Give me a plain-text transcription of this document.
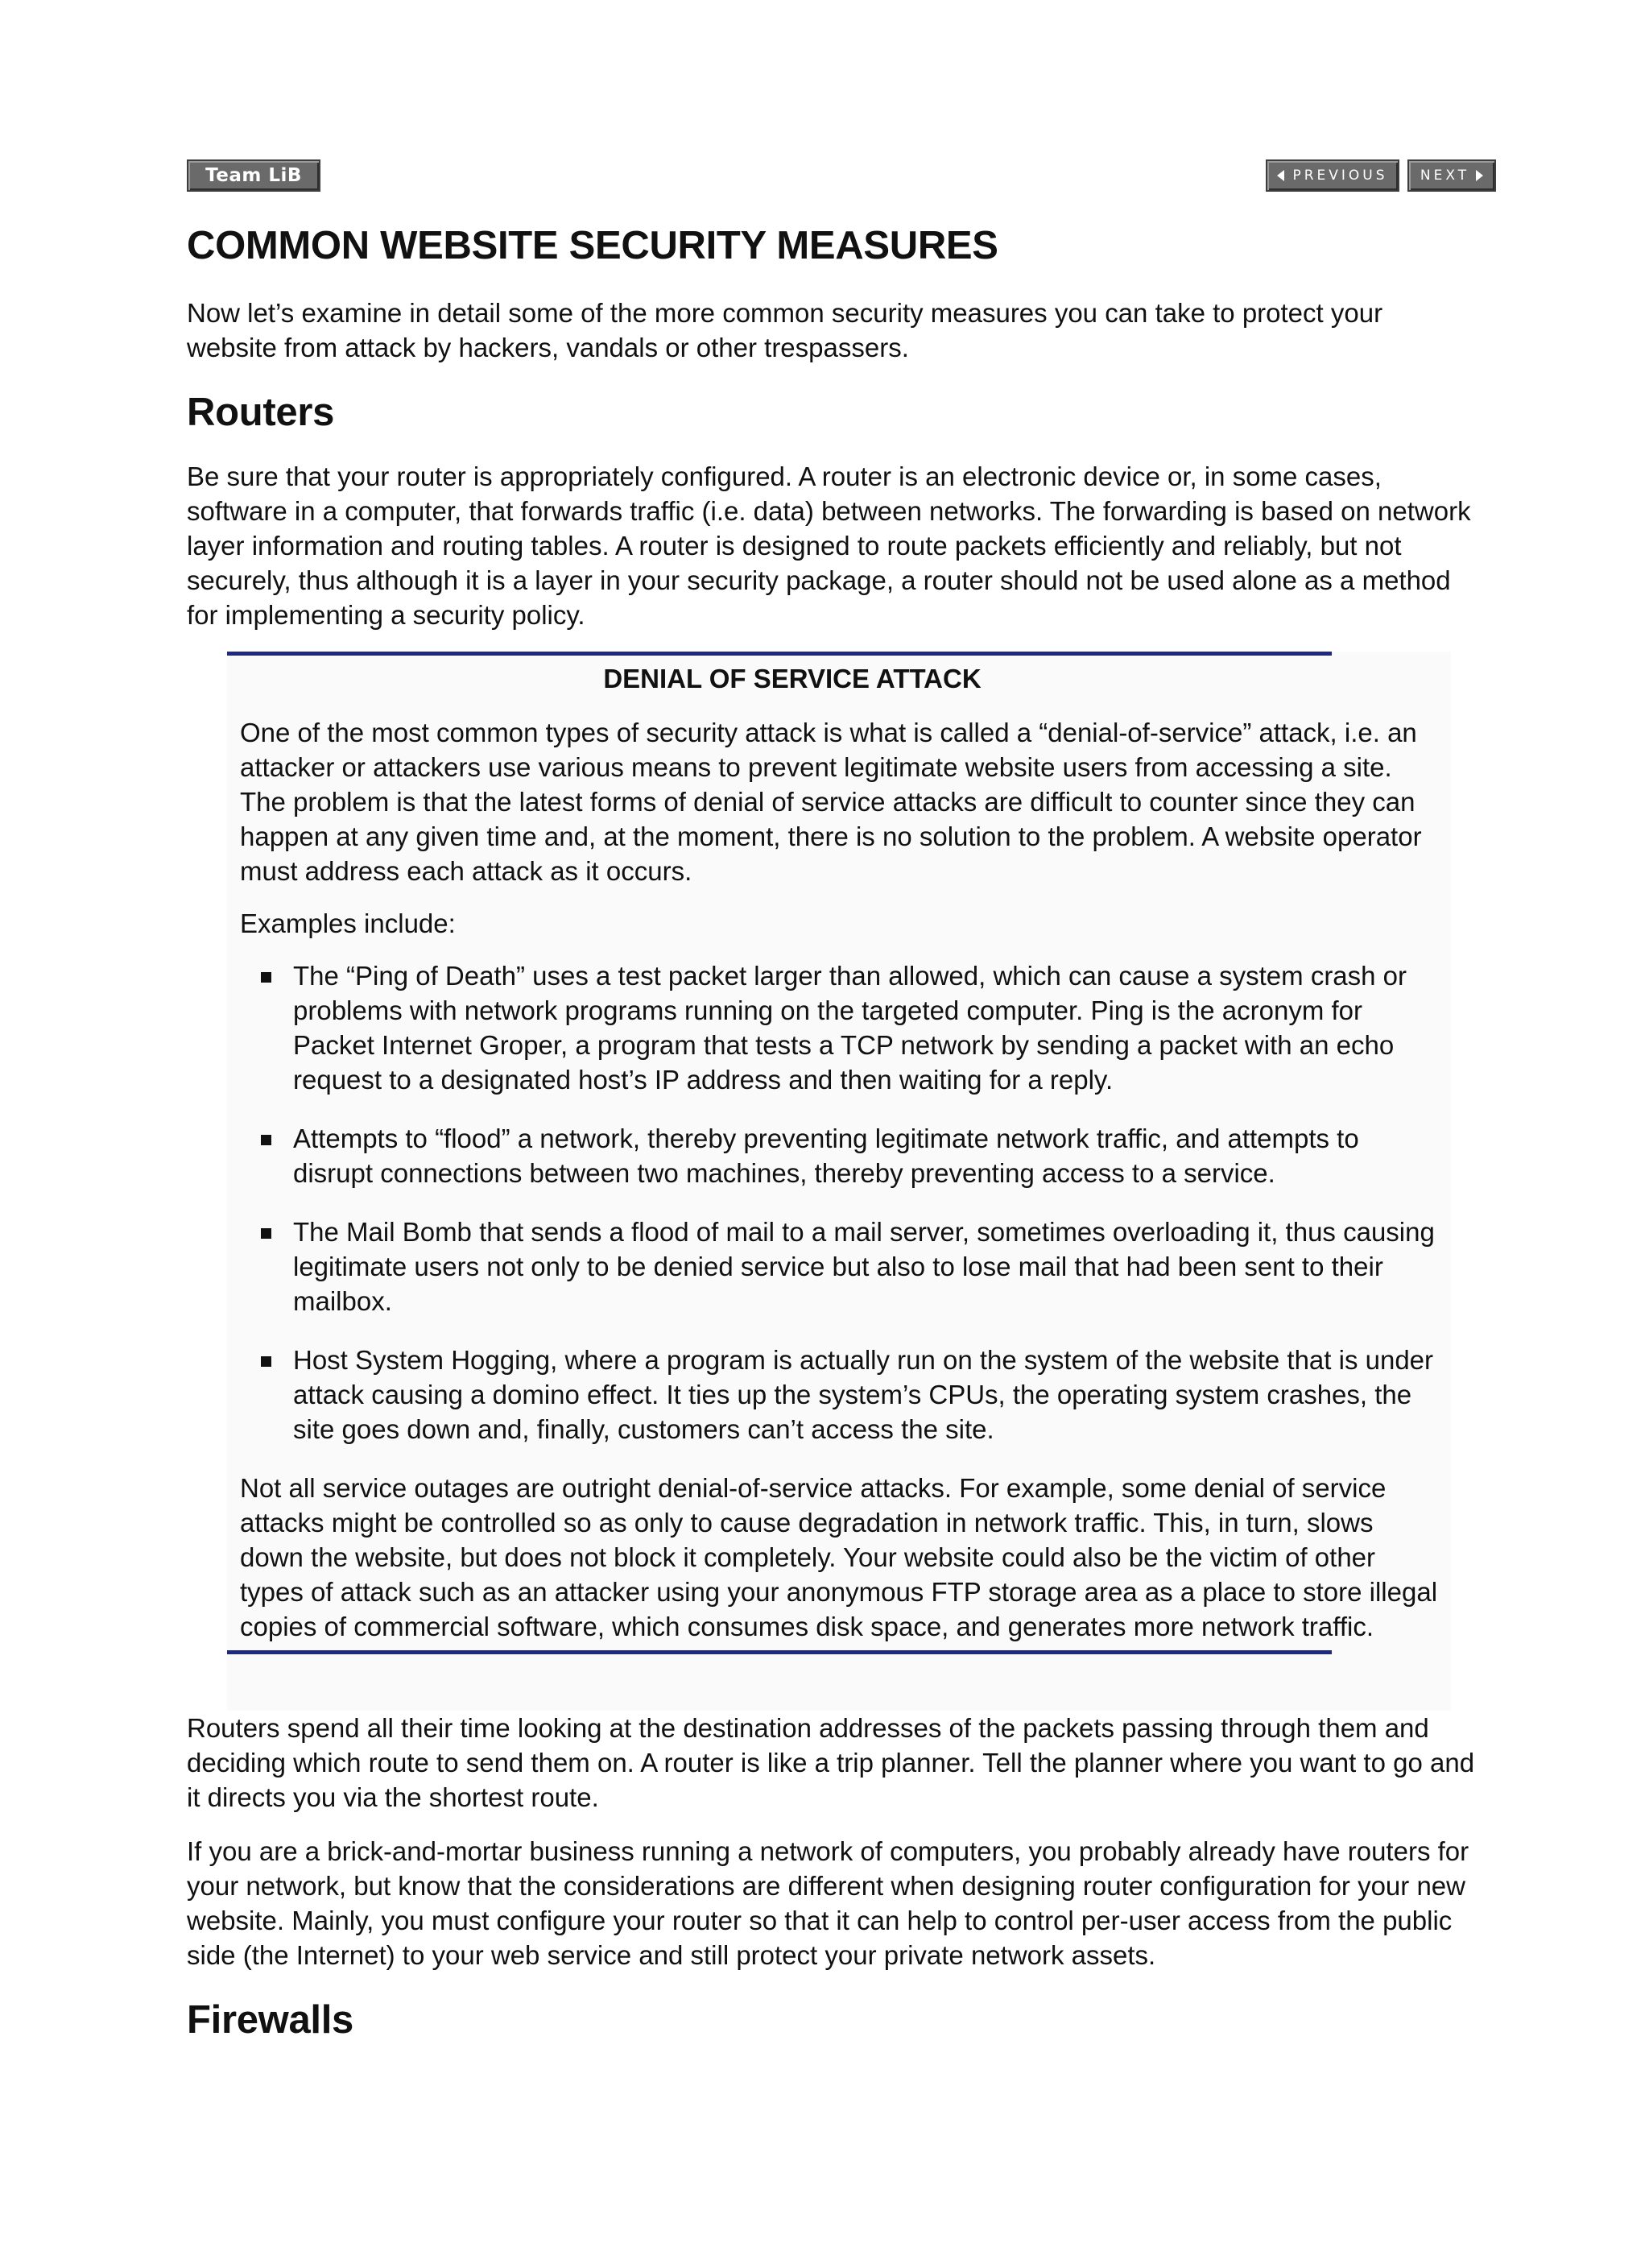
Team LiB	PREVIOUS NEXT
COMMON WEBSITE SECURITY MEASURES

Now let’s examine in detail some of the more common security measures you can take to protect your website from attack by hackers, vandals or other trespassers.

Routers

Be sure that your router is appropriately configured. A router is an electronic device or, in some cases, software in a computer, that forwards traffic (i.e. data) between networks. The forwarding is based on network layer information and routing tables. A router is designed to route packets efficiently and reliably, but not securely, thus although it is a layer in your security package, a router should not be used alone as a method for implementing a security policy.

DENIAL OF SERVICE ATTACK

One of the most common types of security attack is what is called a “denial-of-service” attack, i.e. an attacker or attackers use various means to prevent legitimate website users from accessing a site. The problem is that the latest forms of denial of service attacks are difficult to counter since they can happen at any given time and, at the moment, there is no solution to the problem. A website operator must address each attack as it occurs.

Examples include:

The “Ping of Death” uses a test packet larger than allowed, which can cause a system crash or problems with network programs running on the targeted computer. Ping is the acronym for Packet Internet Groper, a program that tests a TCP network by sending a packet with an echo request to a designated host’s IP address and then waiting for a reply.
Attempts to “flood” a network, thereby preventing legitimate network traffic, and attempts to disrupt connections between two machines, thereby preventing access to a service.
The Mail Bomb that sends a flood of mail to a mail server, sometimes overloading it, thus causing legitimate users not only to be denied service but also to lose mail that had been sent to their mailbox.
Host System Hogging, where a program is actually run on the system of the website that is under attack causing a domino effect. It ties up the system’s CPUs, the operating system crashes, the site goes down and, finally, customers can’t access the site.

Not all service outages are outright denial-of-service attacks. For example, some denial of service attacks might be controlled so as only to cause degradation in network traffic. This, in turn, slows down the website, but does not block it completely. Your website could also be the victim of other types of attack such as an attacker using your anonymous FTP storage area as a place to store illegal copies of commercial software, which consumes disk space, and generates more network traffic.

Routers spend all their time looking at the destination addresses of the packets passing through them and deciding which route to send them on. A router is like a trip planner. Tell the planner where you want to go and it directs you via the shortest route.

If you are a brick-and-mortar business running a network of computers, you probably already have routers for your network, but know that the considerations are different when designing router configuration for your new website. Mainly, you must configure your router so that it can help to control per-user access from the public side (the Internet) to your web service and still protect your private network assets.

Firewalls
